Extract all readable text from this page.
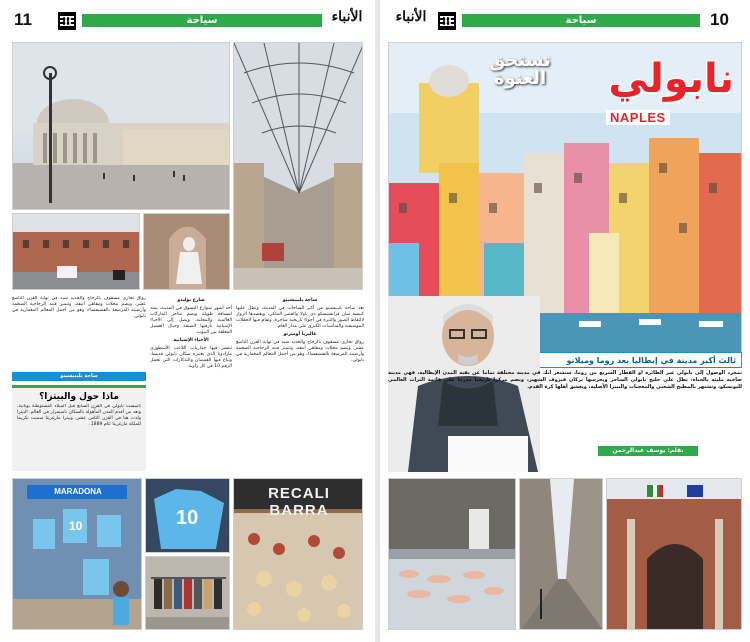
11	سياحة	الأنباء

ساحة بليبيشيتو

تعد ساحة بليبيشيتو من أكبر الساحات في المدينة، وتطل عليها كنيسة سان فرانشيسكو دي باولا والقصر الملكي، ويقصدها الزوار لالتقاط الصور والتنزه في أجواء تاريخية ساحرة، وتقام فيها الحفلات الموسيقية والمناسبات الكبرى على مدار العام.

غاليريا أومبرتو

رواق تجاري مسقوف بالزجاج والحديد شيد في نهاية القرن التاسع عشر، ويضم محلات ومقاهي أنيقة، وتتميز قبته الزجاجية الضخمة وأرضيته المرصعة بالفسيفساء، وهو من أجمل المعالم المعمارية في نابولي.

شارع توليدو

أحد أشهر شوارع التسوق في المدينة، يمتد لمسافة طويلة ويضم متاجر الماركات العالمية والمحلية، ويصل إلى الأحياء الإسبانية بأزقتها الضيقة وحبال الغسيل المعلقة بين البيوت.

الأحياء الإسبانية

تنتشر فيها جداريات اللاعب الأسطوري مارادونا الذي يعتبره سكان نابولي قديسا، وتباع فيها القمصان والتذكارات التي تحمل الرقم 10 في كل زاوية.

رواق تجاري مسقوف بالزجاج والحديد شيد في نهاية القرن التاسع عشر، ويضم محلات ومقاهي أنيقة، وتتميز قبته الزجاجية الضخمة وأرضيته المرصعة بالفسيفساء، وهو من أجمل المعالم المعمارية في نابولي.

ساحة بليبيشيتو
ماذا حول والبيتزا؟
تأسست نابولي في القرن السابع قبل الميلاد كمستوطنة يونانية، وتعد من أقدم المدن المأهولة بالسكان باستمرار في العالم. البيتزا ولدت هنا في القرن الثامن عشر، وبيتزا مارغريتا سميت تكريما للملكة مارغريتا عام 1889.
MARADONA
10	10
RECALI BARRA
الأنباء	سياحة	10
نابولي
تستحق
العنوة
NAPLES
ثالث أكبر مدينة في إيطاليا بعد روما وميلانو
بمجرد الوصول إلى نابولي عبر الطائرة أو القطار السريع من روما، ستشعر أنك في مدينة مختلفة تماما عن بقية المدن الإيطالية، فهي مدينة صاخبة مليئة بالحياة، تطل على خليج نابولي الساحر ويحرسها بركان فيزوف الشهير، وتضم مركزا تاريخيا مدرجا على قائمة التراث العالمي لليونسكو، وتشتهر بالمطبخ الشعبي والمعجنات والبيتزا الأصلية، ويعشق أهلها كرة القدم.
بقلم: يوسف عبدالرحمن
